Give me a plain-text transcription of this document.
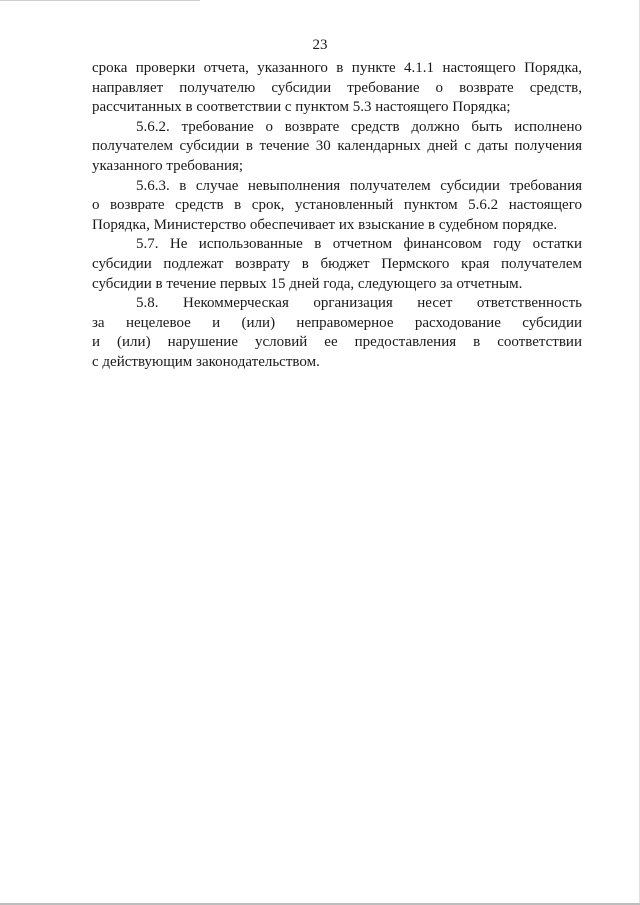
23
срока проверки отчета, указанного в пункте 4.1.1 настоящего Порядка,
направляет получателю субсидии требование о возврате средств,
рассчитанных в соответствии с пунктом 5.3 настоящего Порядка;
5.6.2. требование о возврате средств должно быть исполнено
получателем субсидии в течение 30 календарных дней с даты получения
указанного требования;
5.6.3. в случае невыполнения получателем субсидии требования
о возврате средств в срок, установленный пунктом 5.6.2 настоящего
Порядка, Министерство обеспечивает их взыскание в судебном порядке.
5.7. Не использованные в отчетном финансовом году остатки
субсидии подлежат возврату в бюджет Пермского края получателем
субсидии в течение первых 15 дней года, следующего за отчетным.
5.8. Некоммерческая организация несет ответственность
за нецелевое и (или) неправомерное расходование субсидии
и (или) нарушение условий ее предоставления в соответствии
с действующим законодательством.
